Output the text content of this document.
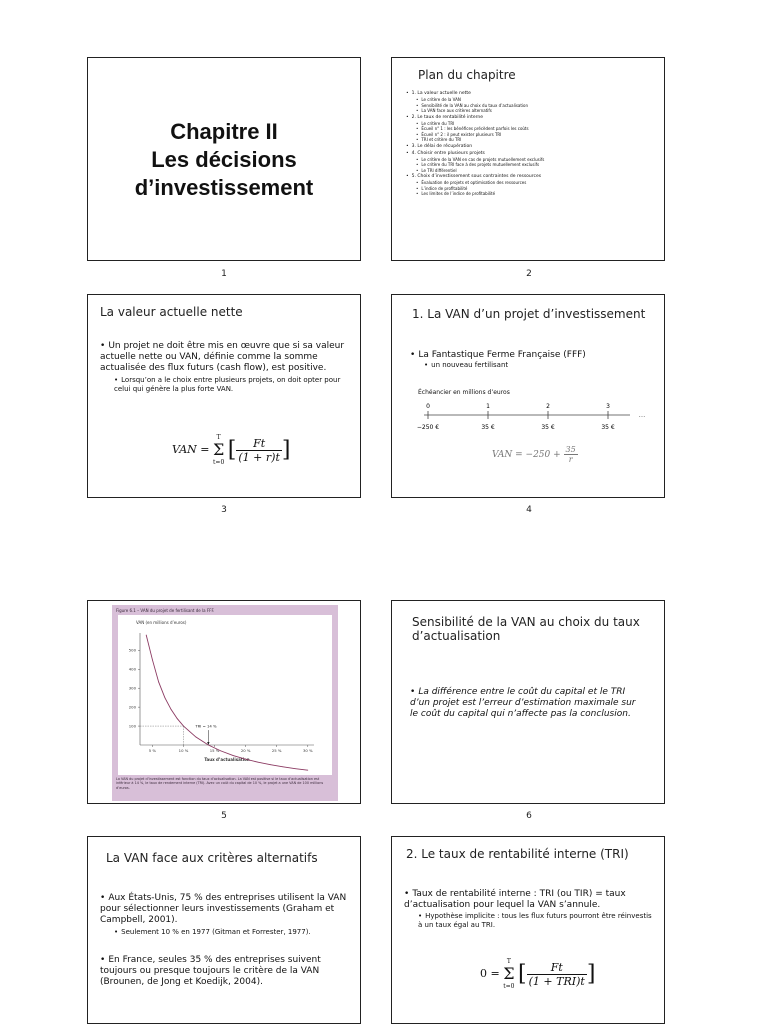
Chapitre II
Les décisions
d’investissement
1
Plan du chapitre
• 1. La valeur actuelle nette
• Le critère de la VAN
• Sensibilité de la VAN au choix du taux d’actualisation
• La VAN face aux critères alternatifs
• 2. Le taux de rentabilité interne
• Le critère du TRI
• Écueil n° 1 : les bénéfices précèdent parfois les coûts
• Écueil n° 2 : il peut exister plusieurs TRI
• TRI et critère du TRI
• 3. Le délai de récupération
• 4. Choisir entre plusieurs projets
• Le critère de la VAN en cas de projets mutuellement exclusifs
• Le critère du TRI face à des projets mutuellement exclusifs
• Le TRI différentiel
• 5. Choix d’investissement sous contraintes de ressources
• Évaluation de projets et optimisation des ressources
• L’indice de profitabilité
• Les limites de l’indice de profitabilité
2
La valeur actuelle nette
• Un projet ne doit être mis en œuvre que si sa valeur actuelle nette ou VAN, définie comme la somme actualisée des flux futurs (cash flow), est positive.
• Lorsqu’on a le choix entre plusieurs projets, on doit opter pour celui qui génère la plus forte VAN.
VAN =
T
Σ
t=0 [ $\frac{Ft}{(1 + r)t}$ ]
3
1. La VAN d’un projet d’investissement
• La Fantastique Ferme Française (FFF)
• un nouveau fertilisant
Échéancier en millions d’euros
0	1	2	3
−250 €	35 €	35 €	35 €
...
VAN = $-250 + \frac{35}{r}$
4
Figure 6.1 – VAN du projet de fertilisant de la FFF.
VAN (en millions d’euros)
100
200
300
400
500
5 %	10 %	15 %	20 %	25 %	30 %
Taux d’actualisation
TRI = 14 %
La VAN du projet d’investissement est fonction du taux d’actualisation. La VAN est positive si le taux d’actualisation est inférieur à 14 %, le taux de rendement interne (TRI). Avec un coût du capital de 10 %, le projet a une VAN de 100 millions d’euros.
5
Sensibilité de la VAN au choix du taux d’actualisation
• La différence entre le coût du capital et le TRI d’un projet est l’erreur d’estimation maximale sur le coût du capital qui n’affecte pas la conclusion.
6
La VAN face aux critères alternatifs
• Aux États-Unis, 75 % des entreprises utilisent la VAN pour sélectionner leurs investissements (Graham et Campbell, 2001).
• Seulement 10 % en 1977 (Gitman et Forrester, 1977).
• En France, seules 35 % des entreprises suivent toujours ou presque toujours le critère de la VAN (Brounen, de Jong et Koedijk, 2004).
2. Le taux de rentabilité interne (TRI)
• Taux de rentabilité interne : TRI (ou TIR) = taux d’actualisation pour lequel la VAN s’annule.
• Hypothèse implicite : tous les flux futurs pourront être réinvestis à un taux égal au TRI.
0 =
T
Σ
t=0 [ $\frac{Ft}{\text{(1 + TRI)t}}$ ]
